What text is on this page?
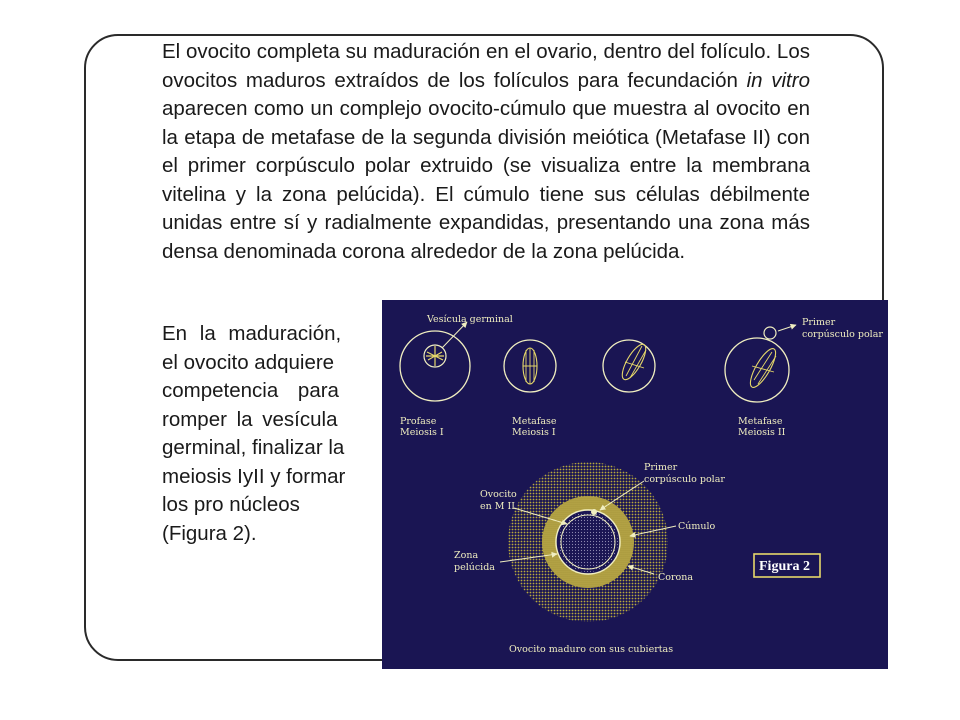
El ovocito completa su maduración en el ovario, dentro del folículo. Los ovocitos maduros extraídos de los folículos para fecundación in vitro aparecen como un complejo ovocito-cúmulo que muestra al ovocito en la etapa de metafase de la segunda división meiótica (Metafase II) con el primer corpúsculo polar extruido (se visualiza entre la membrana vitelina y la zona pelúcida). El cúmulo tiene sus células débilmente unidas entre sí y radialmente expandidas, presentando una zona más densa denominada corona alrededor de la zona pelúcida.

En la maduración,
el ovocito adquiere
competencia para
romper la vesícula
germinal, finalizar la
meiosis IyII y formar
los pro núcleos
(Figura 2).

Vesícula germinal
Profase
Meiosis I
Metafase
Meiosis I
Primer
corpúsculo polar
Metafase
Meiosis II
Primer
corpúsculo polar
Ovocito
en M II
Cúmulo
Zona
pelúcida
Corona
Figura 2
Ovocito maduro con sus cubiertas
